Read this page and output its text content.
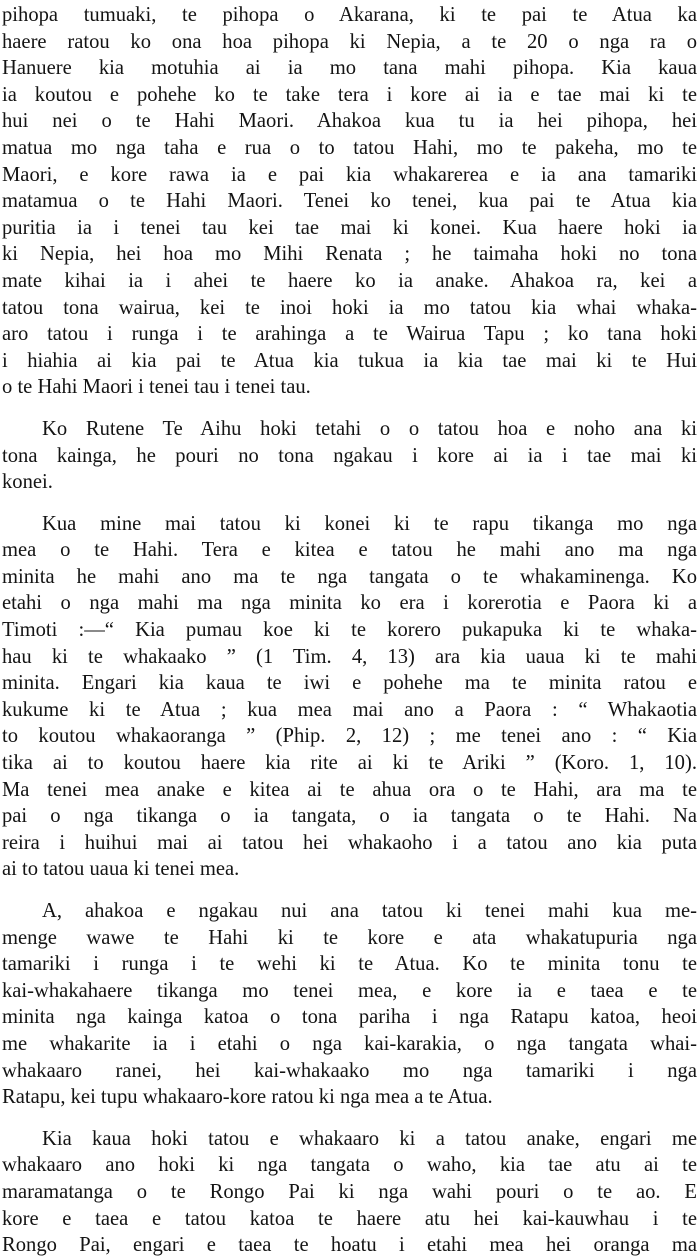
pihopa tumuaki, te pihopa o Akarana, ki te pai te Atua ka
haere ratou ko ona hoa pihopa ki Nepia, a te 20 o nga ra o
Hanuere kia motuhia ai ia mo tana mahi pihopa. Kia kaua
ia koutou e pohehe ko te take tera i kore ai ia e tae mai ki te
hui nei o te Hahi Maori. Ahakoa kua tu ia hei pihopa, hei
matua mo nga taha e rua o to tatou Hahi, mo te pakeha, mo te
Maori, e kore rawa ia e pai kia whakarerea e ia ana tamariki
matamua o te Hahi Maori. Tenei ko tenei, kua pai te Atua kia
puritia ia i tenei tau kei tae mai ki konei. Kua haere hoki ia
ki Nepia, hei hoa mo Mihi Renata ; he taimaha hoki no tona
mate kihai ia i ahei te haere ko ia anake. Ahakoa ra, kei a
tatou tona wairua, kei te inoi hoki ia mo tatou kia whai whaka-
aro tatou i runga i te arahinga a te Wairua Tapu ; ko tana hoki
i hiahia ai kia pai te Atua kia tukua ia kia tae mai ki te Hui
o te Hahi Maori i tenei tau i tenei tau.
Ko Rutene Te Aihu hoki tetahi o o tatou hoa e noho ana ki
tona kainga, he pouri no tona ngakau i kore ai ia i tae mai ki
konei.
Kua mine mai tatou ki konei ki te rapu tikanga mo nga
mea o te Hahi. Tera e kitea e tatou he mahi ano ma nga
minita he mahi ano ma te nga tangata o te whakaminenga. Ko
etahi o nga mahi ma nga minita ko era i korerotia e Paora ki a
Timoti :—“ Kia pumau koe ki te korero pukapuka ki te whaka-
hau ki te whakaako ” (1 Tim. 4, 13) ara kia uaua ki te mahi
minita. Engari kia kaua te iwi e pohehe ma te minita ratou e
kukume ki te Atua ; kua mea mai ano a Paora : “ Whakaotia
to koutou whakaoranga ” (Phip. 2, 12) ; me tenei ano : “ Kia
tika ai to koutou haere kia rite ai ki te Ariki ” (Koro. 1, 10).
Ma tenei mea anake e kitea ai te ahua ora o te Hahi, ara ma te
pai o nga tikanga o ia tangata, o ia tangata o te Hahi. Na
reira i huihui mai ai tatou hei whakaoho i a tatou ano kia puta
ai to tatou uaua ki tenei mea.
A, ahakoa e ngakau nui ana tatou ki tenei mahi kua me-
menge wawe te Hahi ki te kore e ata whakatupuria nga
tamariki i runga i te wehi ki te Atua. Ko te minita tonu te
kai-whakahaere tikanga mo tenei mea, e kore ia e taea e te
minita nga kainga katoa o tona pariha i nga Ratapu katoa, heoi
me whakarite ia i etahi o nga kai-karakia, o nga tangata whai-
whakaaro ranei, hei kai-whakaako mo nga tamariki i nga
Ratapu, kei tupu whakaaro-kore ratou ki nga mea a te Atua.
Kia kaua hoki tatou e whakaaro ki a tatou anake, engari me
whakaaro ano hoki ki nga tangata o waho, kia tae atu ai te
maramatanga o te Rongo Pai ki nga wahi pouri o te ao. E
kore e taea e tatou katoa te haere atu hei kai-kauwhau i te
Rongo Pai, engari e taea te hoatu i etahi mea hei oranga ma
